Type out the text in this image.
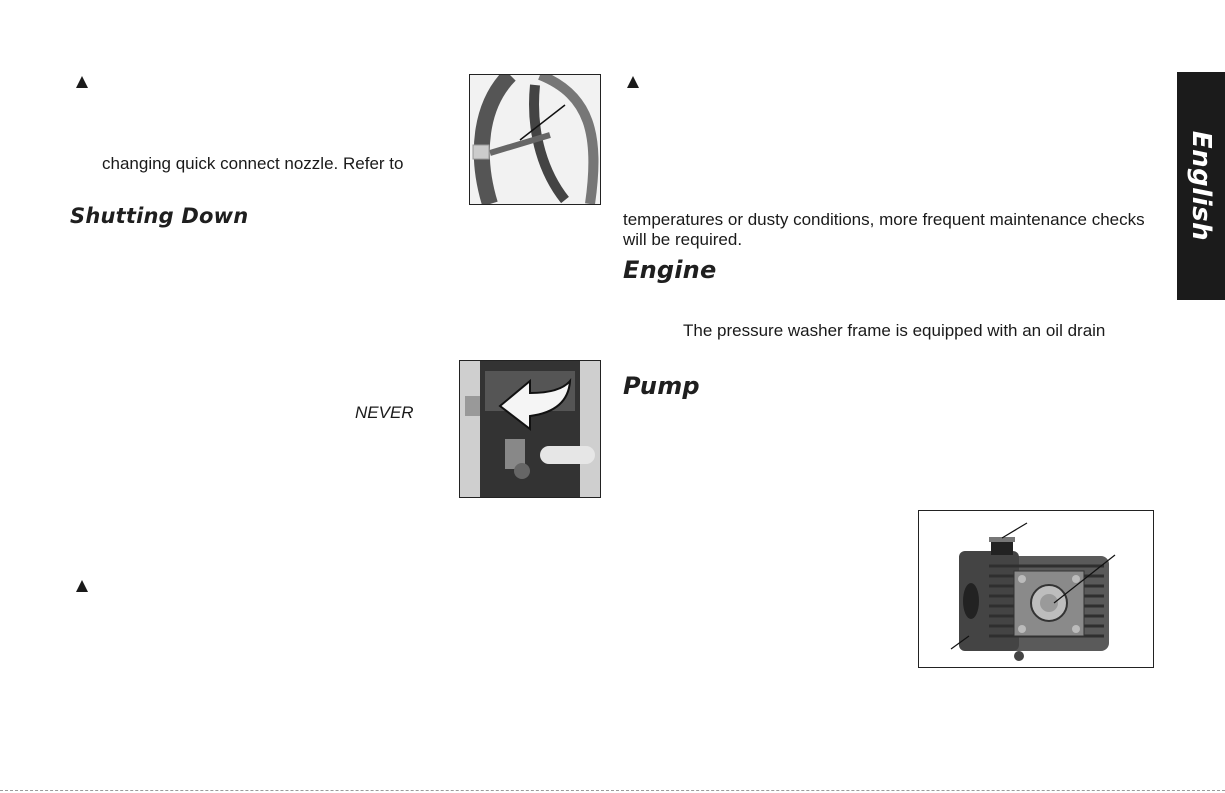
changing quick connect nozzle. Refer to
Shutting Down
NEVER
temperatures or dusty conditions, more frequent maintenance checks
will be required.
Engine
The pressure washer frame is equipped with an oil drain
Pump
English
